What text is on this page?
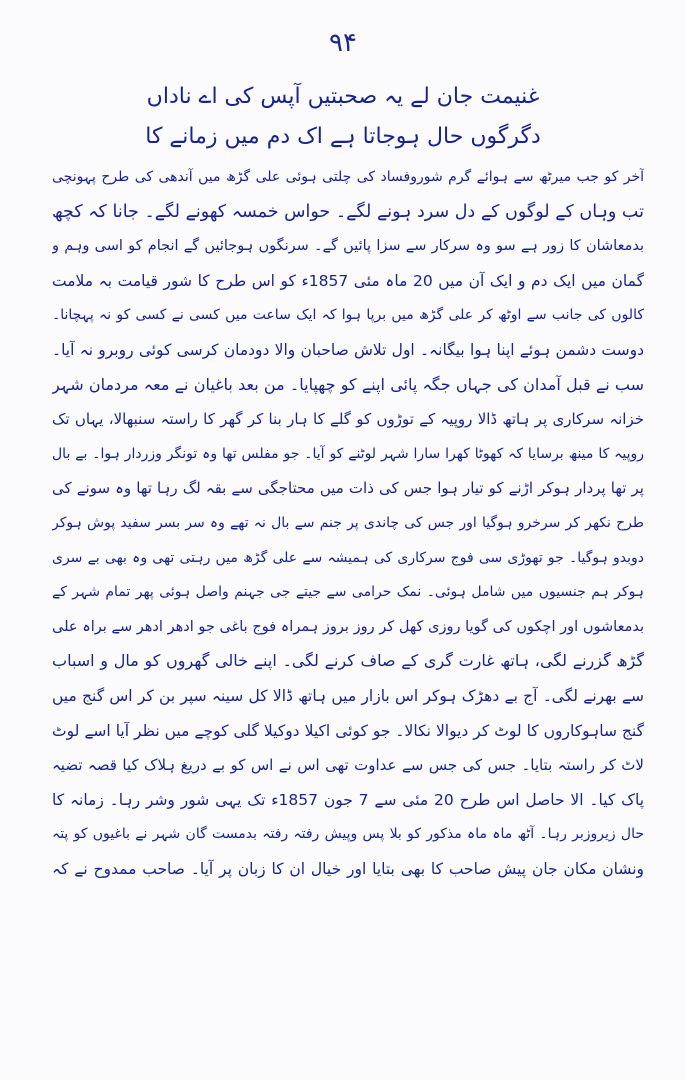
۹۴
غنیمت جان لے یہ صحبتیں آپس کی اے ناداں
دگرگوں حال ہوجاتا ہے اک دم میں زمانے کا
آخر کو جب میرٹھ سے ہوائے گرم شوروفساد کی چلتی ہوئی علی گڑھ میں آندھی کی طرح پہونچی
تب وہاں کے لوگوں کے دل سرد ہونے لگے۔ حواس خمسہ کھونے لگے۔ جانا کہ کچھ
بدمعاشان کا زور ہے سو وہ سرکار سے سزا پائیں گے۔ سرنگوں ہوجائیں گے انجام کو اسی وہم و
گمان میں ایک دم و ایک آن میں 20 ماہ مئی 1857ء کو اس طرح کا شور قیامت بہ ملامت
کالوں کی جانب سے اوٹھ کر علی گڑھ میں برپا ہوا کہ ایک ساعت میں کسی نے کسی کو نہ پہچانا۔
دوست دشمن ہوئے اپنا ہوا بیگانہ۔ اول تلاش صاحبان والا دودمان کرسی کوئی روبرو نہ آیا۔
سب نے قبل آمدان کی جہاں جگہ پائی اپنے کو چھپایا۔ من بعد باغیان نے معہ مردمان شہر
خزانہ سرکاری پر ہاتھ ڈالا روپیہ کے توڑوں کو گلے کا ہار بنا کر گھر کا راستہ سنبھالا، یہاں تک
روپیہ کا مینھ برسایا کہ کھوٹا کھرا سارا شہر لوٹنے کو آیا۔ جو مفلس تھا وہ تونگر وزردار ہوا۔ بے بال
پر تھا پردار ہوکر اڑنے کو تیار ہوا جس کی ذات میں محتاجگی سے بقہ لگ رہا تھا وہ سونے کی
طرح نکھر کر سرخرو ہوگیا اور جس کی چاندی پر جنم سے بال نہ تھے وہ سر بسر سفید پوش ہوکر
دوبدو ہوگیا۔ جو تھوڑی سی فوج سرکاری کی ہمیشہ سے علی گڑھ میں رہتی تھی وہ بھی بے سری
ہوکر ہم جنسیوں میں شامل ہوئی۔ نمک حرامی سے جیتے جی جہنم واصل ہوئی پھر تمام شہر کے
بدمعاشوں اور اچکوں کی گویا روزی کھل کر روز بروز ہمراہ فوج باغی جو ادھر ادھر سے براہ علی
گڑھ گزرنے لگی، ہاتھ غارت گری کے صاف کرنے لگی۔ اپنے خالی گھروں کو مال و اسباب
سے بھرنے لگی۔ آج بے دھڑک ہوکر اس بازار میں ہاتھ ڈالا کل سینہ سپر بن کر اس گنج میں
گنج ساہوکاروں کا لوٹ کر دیوالا نکالا۔ جو کوئی اکیلا دوکیلا گلی کوچے میں نظر آیا اسے لوٹ
لاٹ کر راستہ بتایا۔ جس کی جس سے عداوت تھی اس نے اس کو بے دریغ ہلاک کیا قصہ تضیہ
پاک کیا۔ الا حاصل اس طرح 20 مئی سے 7 جون 1857ء تک یہی شور وشر رہا۔ زمانہ کا
حال زیروزبر رہا۔ آٹھ ماہ ماہ مذکور کو بلا پس وپیش رفتہ رفتہ بدمست گان شہر نے باغیوں کو پتہ
ونشان مکان جان پیش صاحب کا بھی بتایا اور خیال ان کا زبان پر آیا۔ صاحب ممدوح نے کہ
